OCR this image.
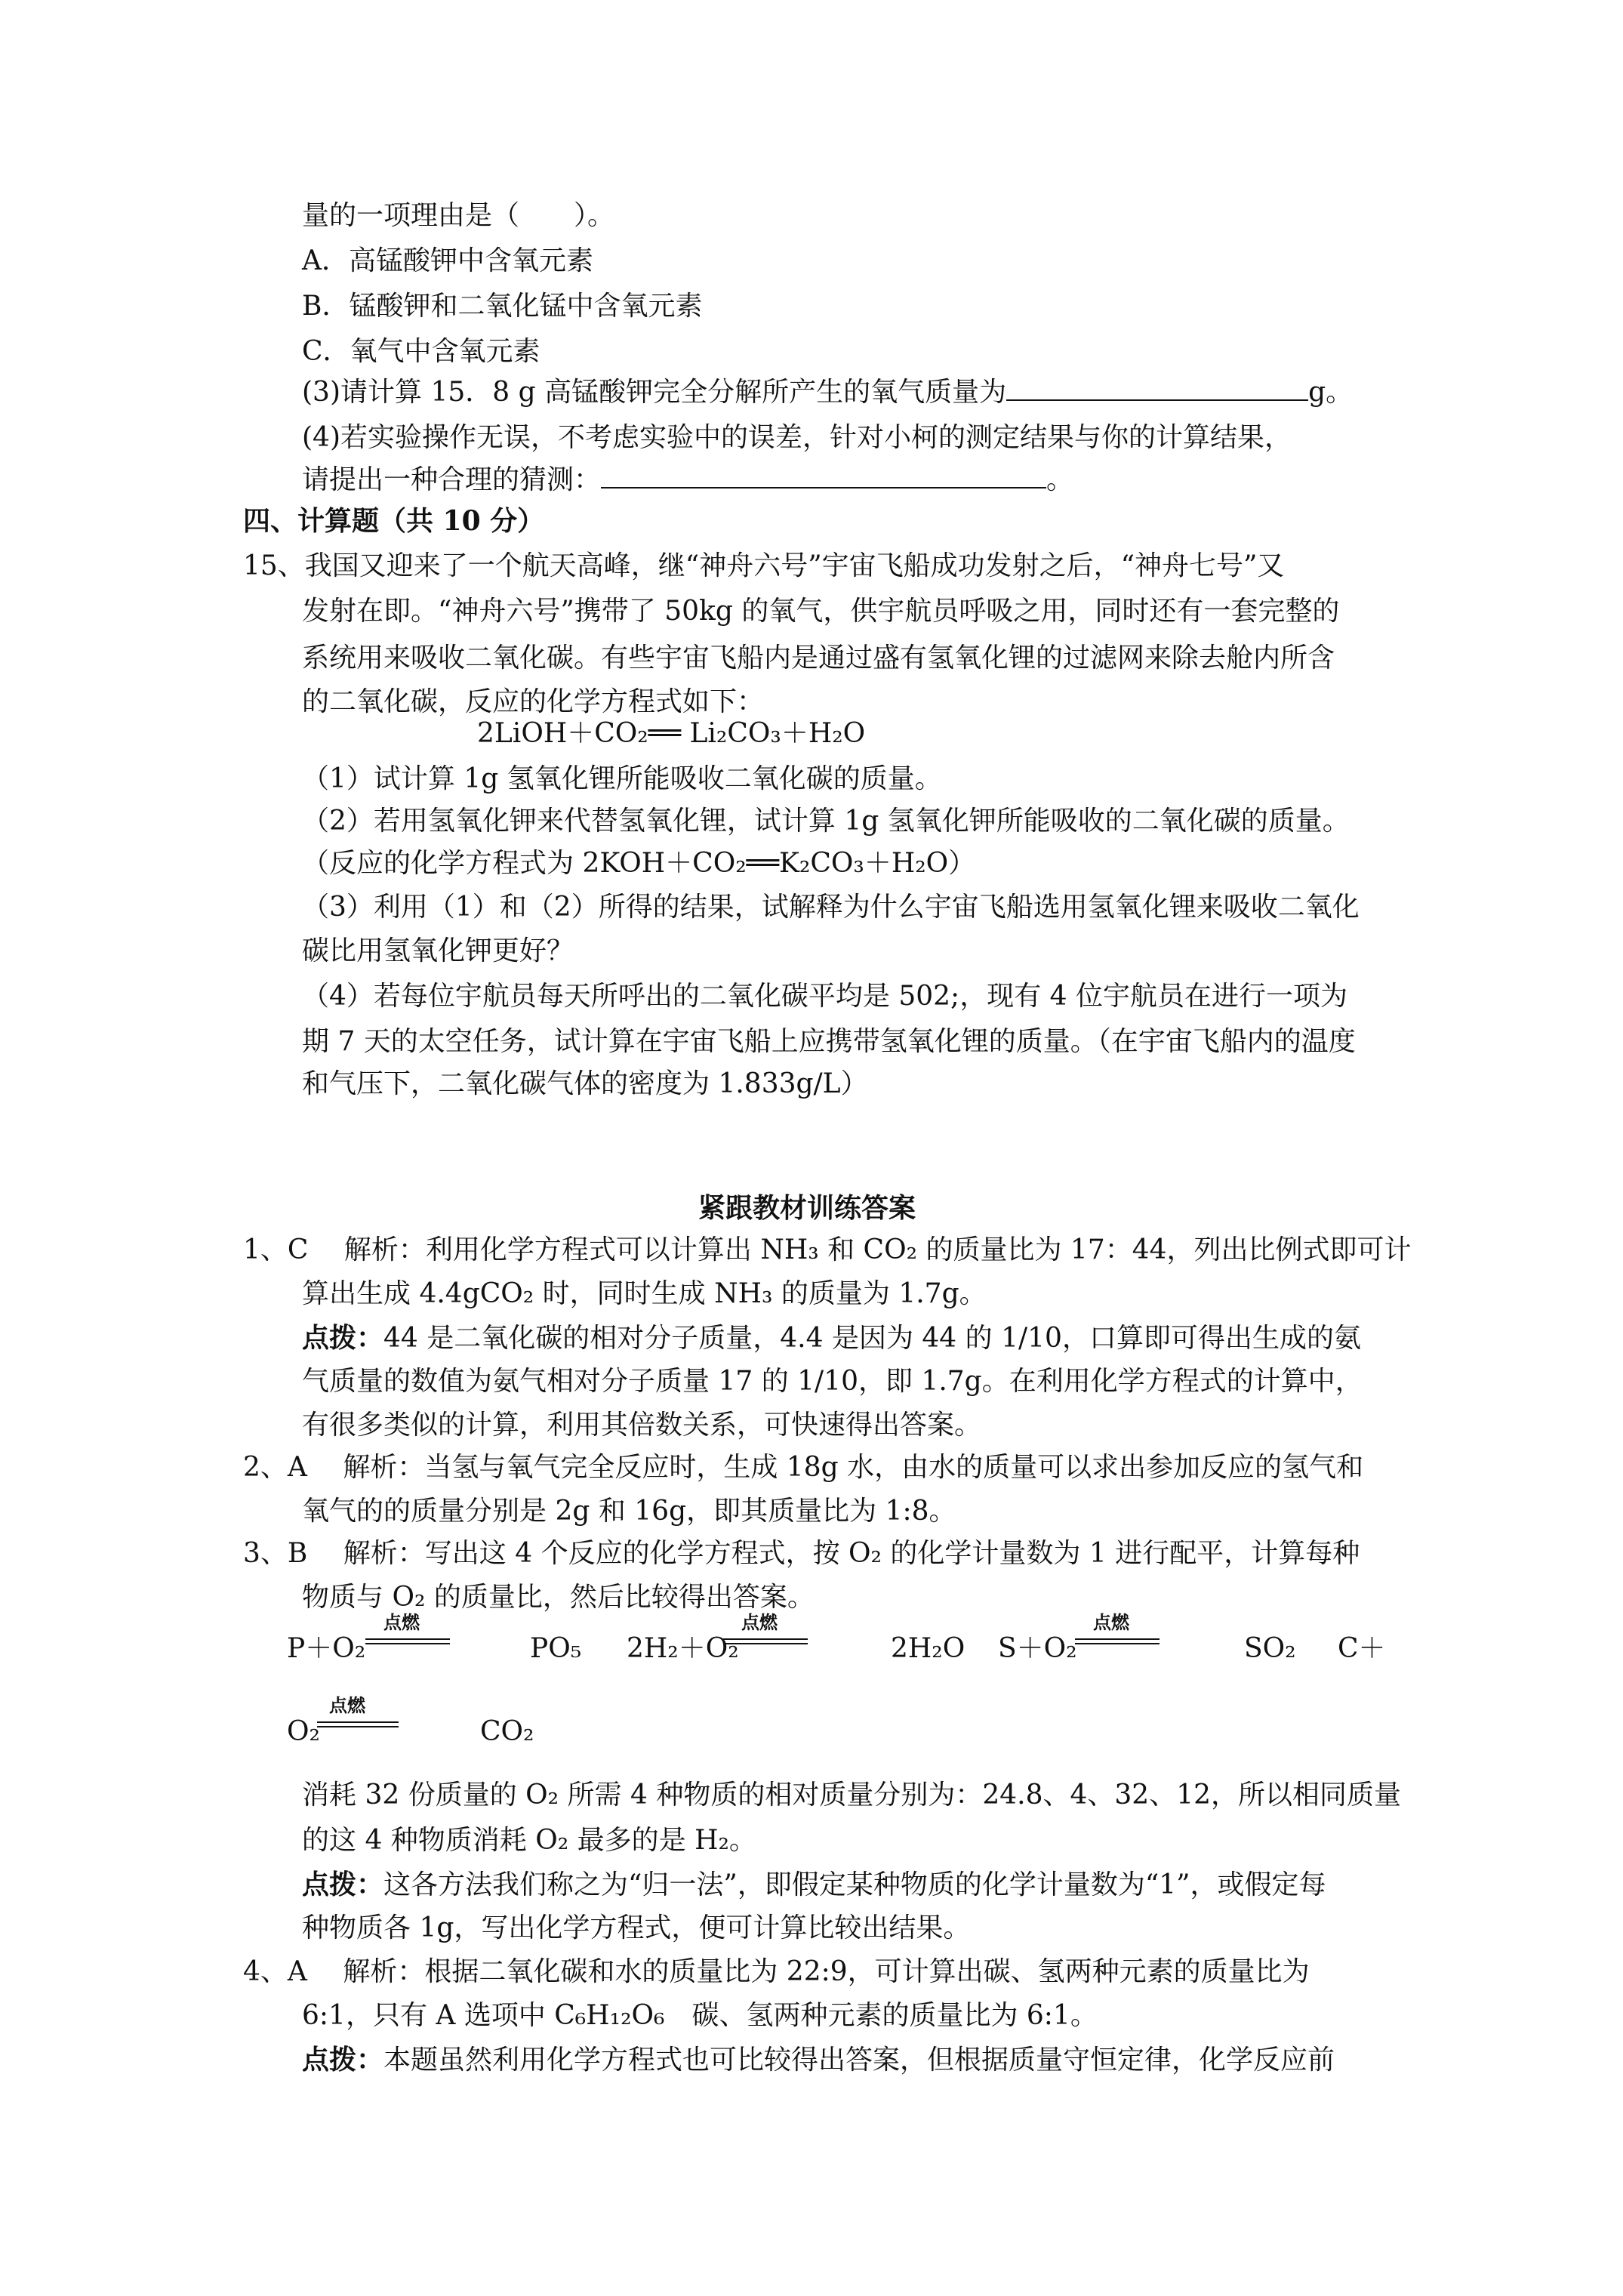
量的一项理由是（　　）。
A．高锰酸钾中含氧元素
B．锰酸钾和二氧化锰中含氧元素
C．氧气中含氧元素
(3)请计算 15．8 g 高锰酸钾完全分解所产生的氧气质量为	g。
(4)若实验操作无误，不考虑实验中的误差，针对小柯的测定结果与你的计算结果，
请提出一种合理的猜测：	。
四、计算题（共 10 分）
15、我国又迎来了一个航天高峰，继“神舟六号”宇宙飞船成功发射之后，“神舟七号”又
发射在即。“神舟六号”携带了 50kg 的氧气，供宇航员呼吸之用，同时还有一套完整的
系统用来吸收二氧化碳。有些宇宙飞船内是通过盛有氢氧化锂的过滤网来除去舱内所含
的二氧化碳，反应的化学方程式如下：
2LiOH＋CO₂══ Li₂CO₃＋H₂O
（1）试计算 1g 氢氧化锂所能吸收二氧化碳的质量。
（2）若用氢氧化钾来代替氢氧化锂，试计算 1g 氢氧化钾所能吸收的二氧化碳的质量。
（反应的化学方程式为 2KOH＋CO₂══K₂CO₃＋H₂O）
（3）利用（1）和（2）所得的结果，试解释为什么宇宙飞船选用氢氧化锂来吸收二氧化
碳比用氢氧化钾更好？
（4）若每位宇航员每天所呼出的二氧化碳平均是 502;，现有 4 位宇航员在进行一项为
期 7 天的太空任务，试计算在宇宙飞船上应携带氢氧化锂的质量。（在宇宙飞船内的温度
和气压下，二氧化碳气体的密度为 1.833g/L）
紧跟教材训练答案
1、C　 解析：利用化学方程式可以计算出 NH₃ 和 CO₂ 的质量比为 17：44，列出比例式即可计
算出生成 4.4gCO₂ 时，同时生成 NH₃ 的质量为 1.7g。
点拨：44 是二氧化碳的相对分子质量，4.4 是因为 44 的 1/10，口算即可得出生成的氨
气质量的数值为氨气相对分子质量 17 的 1/10，即 1.7g。在利用化学方程式的计算中，
有很多类似的计算，利用其倍数关系，可快速得出答案。
2、A　 解析：当氢与氧气完全反应时，生成 18g 水，由水的质量可以求出参加反应的氢气和
氧气的的质量分别是 2g 和 16g，即其质量比为 1:8。
3、B　 解析：写出这 4 个反应的化学方程式，按 O₂ 的化学计量数为 1 进行配平，计算每种
物质与 O₂ 的质量比，然后比较得出答案。
P＋O₂
点燃
PO₅ 2H₂＋O₂
点燃
2H₂O S＋O₂
点燃
SO₂ C＋
O₂
点燃
CO₂
消耗 32 份质量的 O₂ 所需 4 种物质的相对质量分别为：24.8、4、32、12，所以相同质量
的这 4 种物质消耗 O₂ 最多的是 H₂。
点拨：这各方法我们称之为“归一法”，即假定某种物质的化学计量数为“1”，或假定每
种物质各 1g，写出化学方程式，便可计算比较出结果。
4、A　 解析：根据二氧化碳和水的质量比为 22:9，可计算出碳、氢两种元素的质量比为
6:1，只有 A 选项中 C₆H₁₂O₆　碳、氢两种元素的质量比为 6:1。
点拨：本题虽然利用化学方程式也可比较得出答案，但根据质量守恒定律，化学反应前
